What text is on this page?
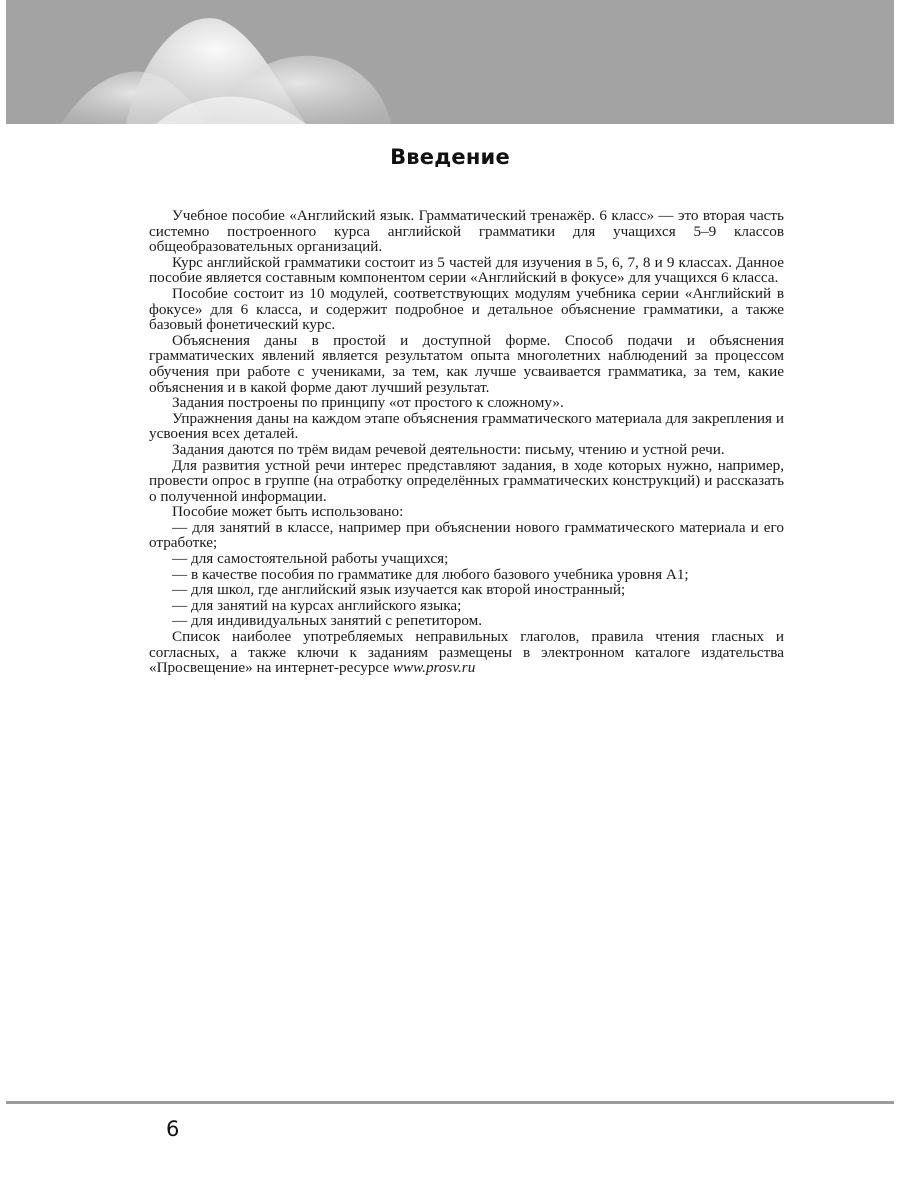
Введение

Учебное пособие «Английский язык. Грамматический тренажёр. 6 класс» — это вторая часть системно построенного курса английской грамматики для учащихся 5–9 классов общеобразовательных организаций.

Курс английской грамматики состоит из 5 частей для изучения в 5, 6, 7, 8 и 9 классах. Данное пособие является составным компонентом серии «Английский в фокусе» для учащихся 6 класса.

Пособие состоит из 10 модулей, соответствующих модулям учебника серии «Английский в фокусе» для 6 класса, и содержит подробное и детальное объяснение грамматики, а также базовый фонетический курс.

Объяснения даны в простой и доступной форме. Способ подачи и объяснения грамматических явлений является результатом опыта многолетних наблюдений за процессом обучения при работе с учениками, за тем, как лучше усваивается грамматика, за тем, какие объяснения и в какой форме дают лучший результат.

Задания построены по принципу «от простого к сложному».

Упражнения даны на каждом этапе объяснения грамматического материала для закрепления и усвоения всех деталей.

Задания даются по трём видам речевой деятельности: письму, чтению и устной речи.

Для развития устной речи интерес представляют задания, в ходе которых нужно, например, провести опрос в группе (на отработку определённых грамматических конструкций) и рассказать о полученной информации.

Пособие может быть использовано:

— для занятий в классе, например при объяснении нового грамматического материала и его отработке;

— для самостоятельной работы учащихся;

— в качестве пособия по грамматике для любого базового учебника уровня А1;

— для школ, где английский язык изучается как второй иностранный;

— для занятий на курсах английского языка;

— для индивидуальных занятий с репетитором.

Список наиболее употребляемых неправильных глаголов, правила чтения гласных и согласных, а также ключи к заданиям размещены в электронном каталоге издательства «Просвещение» на интернет-ресурсе www.prosv.ru

6
